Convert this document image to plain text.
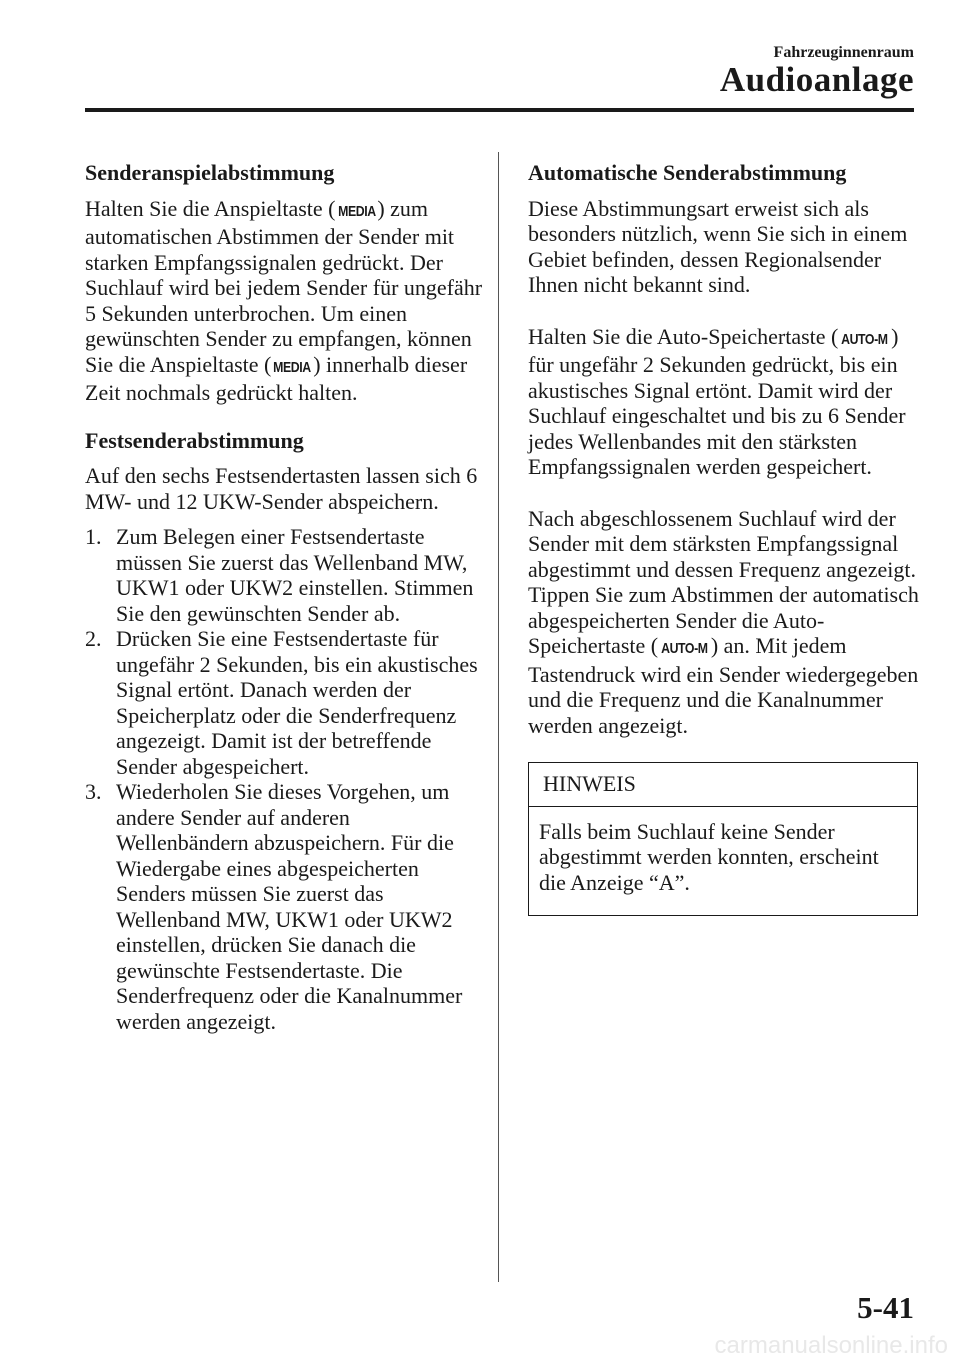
Fahrzeuginnenraum
Audioanlage
Senderanspielabstimmung

Halten Sie die Anspieltaste ( MEDIA) zum automatischen Abstimmen der Sender mit starken Empfangssignalen gedrückt. Der Suchlauf wird bei jedem Sender für ungefähr 5 Sekunden unterbrochen. Um einen gewünschten Sender zu empfangen, können Sie die Anspieltaste ( MEDIA) innerhalb dieser Zeit nochmals gedrückt halten.

Festsenderabstimmung

Auf den sechs Festsendertasten lassen sich 6 MW- und 12 UKW-Sender abspeichern.

1. Zum Belegen einer Festsendertaste müssen Sie zuerst das Wellenband MW, UKW1 oder UKW2 einstellen. Stimmen Sie den gewünschten Sender ab.
2. Drücken Sie eine Festsendertaste für ungefähr 2 Sekunden, bis ein akustisches Signal ertönt. Danach werden der Speicherplatz oder die Senderfrequenz angezeigt. Damit ist der betreffende Sender abgespeichert.
3. Wiederholen Sie dieses Vorgehen, um andere Sender auf anderen Wellenbändern abzuspeichern. Für die Wiedergabe eines abgespeicherten Senders müssen Sie zuerst das Wellenband MW, UKW1 oder UKW2 einstellen, drücken Sie danach die gewünschte Festsendertaste. Die Senderfrequenz oder die Kanalnummer werden angezeigt.
Automatische Senderabstimmung

Diese Abstimmungsart erweist sich als besonders nützlich, wenn Sie sich in einem Gebiet befinden, dessen Regionalsender Ihnen nicht bekannt sind.

Halten Sie die Auto-Speichertaste ( AUTO-M ) für ungefähr 2 Sekunden gedrückt, bis ein akustisches Signal ertönt. Damit wird der Suchlauf eingeschaltet und bis zu 6 Sender jedes Wellenbandes mit den stärksten Empfangssignalen werden gespeichert.

Nach abgeschlossenem Suchlauf wird der Sender mit dem stärksten Empfangssignal abgestimmt und dessen Frequenz angezeigt. Tippen Sie zum Abstimmen der automatisch abgespeicherten Sender die Auto-Speichertaste ( AUTO-M ) an. Mit jedem Tastendruck wird ein Sender wiedergegeben und die Frequenz und die Kanalnummer werden angezeigt.

HINWEIS
Falls beim Suchlauf keine Sender abgestimmt werden konnten, erscheint die Anzeige “A”.
5-41
carmanualsonline.info
